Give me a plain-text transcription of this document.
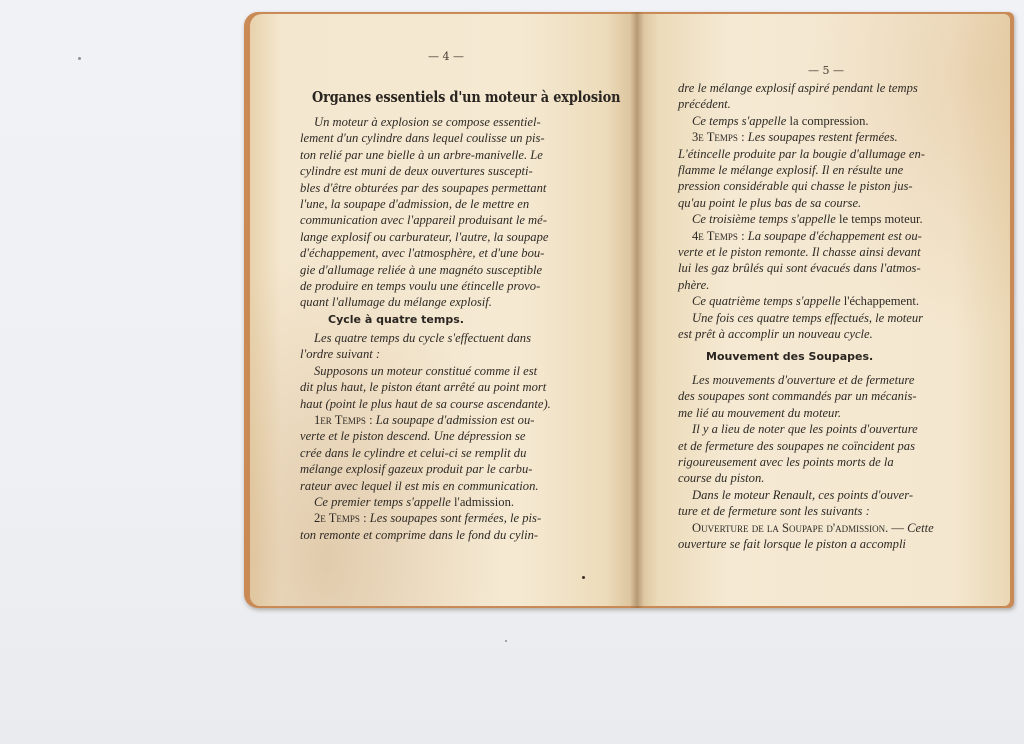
— 4 —
Organes essentiels d'un moteur à explosion
Un moteur à explosion se compose essentiel-
lement d'un cylindre dans lequel coulisse un pis-
ton relié par une bielle à un arbre-manivelle. Le
cylindre est muni de deux ouvertures suscepti-
bles d'être obturées par des soupapes permettant
l'une, la soupape d'admission, de le mettre en
communication avec l'appareil produisant le mé-
lange explosif ou carburateur, l'autre, la soupape
d'échappement, avec l'atmosphère, et d'une bou-
gie d'allumage reliée à une magnéto susceptible
de produire en temps voulu une étincelle provo-
quant l'allumage du mélange explosif.
Cycle à quatre temps.
Les quatre temps du cycle s'effectuent dans
l'ordre suivant :
Supposons un moteur constitué comme il est
dit plus haut, le piston étant arrêté au point mort
haut (point le plus haut de sa course ascendante).
1er Temps : La soupape d'admission est ou-
verte et le piston descend. Une dépression se
crée dans le cylindre et celui-ci se remplit du
mélange explosif gazeux produit par le carbu-
rateur avec lequel il est mis en communication.
Ce premier temps s'appelle l'admission.
2e Temps : Les soupapes sont fermées, le pis-
ton remonte et comprime dans le fond du cylin-
— 5 —
dre le mélange explosif aspiré pendant le temps
précédent.
Ce temps s'appelle la compression.
3e Temps : Les soupapes restent fermées.
L'étincelle produite par la bougie d'allumage en-
flamme le mélange explosif. Il en résulte une
pression considérable qui chasse le piston jus-
qu'au point le plus bas de sa course.
Ce troisième temps s'appelle le temps moteur.
4e Temps : La soupape d'échappement est ou-
verte et le piston remonte. Il chasse ainsi devant
lui les gaz brûlés qui sont évacués dans l'atmos-
phère.
Ce quatrième temps s'appelle l'échappement.
Une fois ces quatre temps effectués, le moteur
est prêt à accomplir un nouveau cycle.
Mouvement des Soupapes.
Les mouvements d'ouverture et de fermeture
des soupapes sont commandés par un mécanis-
me lié au mouvement du moteur.
Il y a lieu de noter que les points d'ouverture
et de fermeture des soupapes ne coïncident pas
rigoureusement avec les points morts de la
course du piston.
Dans le moteur Renault, ces points d'ouver-
ture et de fermeture sont les suivants :
Ouverture de la Soupape d'admission. — Cette
ouverture se fait lorsque le piston a accompli
